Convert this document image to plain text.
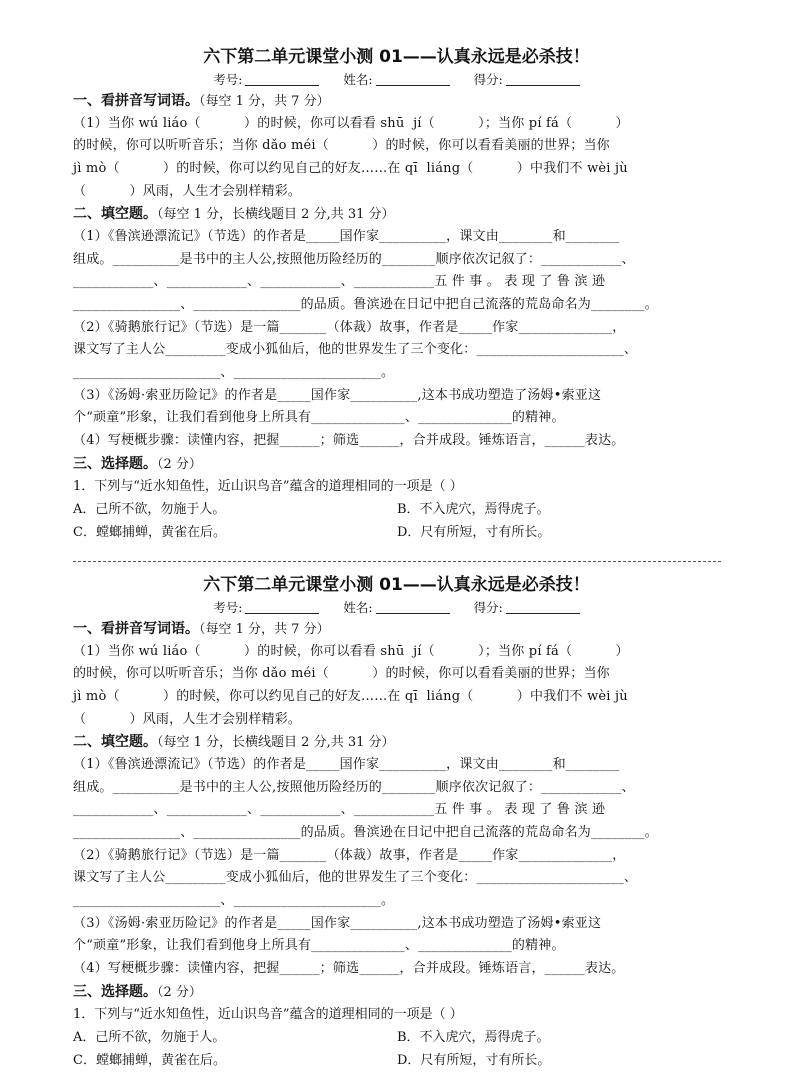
六下第二单元课堂小测 01——认真永远是必杀技！
考号:	姓名:	得分:
一、看拼音写词语。（每空 1 分，共 7 分）
（1）当你 wú liáo（          ）的时候，你可以看看 shū  jí（          ）；当你 pí fá（          ）
的时候，你可以听听音乐；当你 dǎo méi（          ）的时候，你可以看看美丽的世界；当你
jì mò（          ）的时候，你可以约见自己的好友……在 qī  liáng（          ）中我们不 wèi jù
（          ）风雨，人生才会别样精彩。
二、填空题。（每空 1 分，长横线题目 2 分,共 31 分）
（1）《鲁滨逊漂流记》（节选）的作者是_____国作家__________，课文由________和________
组成。__________是书中的主人公,按照他历险经历的________顺序依次记叙了：____________、
____________、____________、____________、____________五 件 事 。 表 现 了 鲁 滨 逊
________________、________________的品质。鲁滨逊在日记中把自己流落的荒岛命名为________。
（2）《骑鹅旅行记》（节选）是一篇_______（体裁）故事，作者是_____作家______________，
课文写了主人公_________变成小狐仙后，他的世界发生了三个变化：______________________、
______________________、______________________。
（3）《汤姆·索亚历险记》的作者是_____国作家__________,这本书成功塑造了汤姆•索亚这
个“顽童”形象，让我们看到他身上所具有______________、______________的精神。
（4）写梗概步骤：读懂内容，把握______；筛选______，合并成段。锤炼语言，______表达。
三、选择题。（2 分）
1．下列与“近水知鱼性，近山识鸟音”蕴含的道理相同的一项是（ ）
A．己所不欲，勿施于人。	B．不入虎穴，焉得虎子。
C．螳螂捕蝉，黄雀在后。	D．尺有所短，寸有所长。
六下第二单元课堂小测 01——认真永远是必杀技！
考号:	姓名:	得分:
一、看拼音写词语。（每空 1 分，共 7 分）
（1）当你 wú liáo（          ）的时候，你可以看看 shū  jí（          ）；当你 pí fá（          ）
的时候，你可以听听音乐；当你 dǎo méi（          ）的时候，你可以看看美丽的世界；当你
jì mò（          ）的时候，你可以约见自己的好友……在 qī  liáng（          ）中我们不 wèi jù
（          ）风雨，人生才会别样精彩。
二、填空题。（每空 1 分，长横线题目 2 分,共 31 分）
（1）《鲁滨逊漂流记》（节选）的作者是_____国作家__________，课文由________和________
组成。__________是书中的主人公,按照他历险经历的________顺序依次记叙了：____________、
____________、____________、____________、____________五 件 事 。 表 现 了 鲁 滨 逊
________________、________________的品质。鲁滨逊在日记中把自己流落的荒岛命名为________。
（2）《骑鹅旅行记》（节选）是一篇_______（体裁）故事，作者是_____作家______________，
课文写了主人公_________变成小狐仙后，他的世界发生了三个变化：______________________、
______________________、______________________。
（3）《汤姆·索亚历险记》的作者是_____国作家__________,这本书成功塑造了汤姆•索亚这
个“顽童”形象，让我们看到他身上所具有______________、______________的精神。
（4）写梗概步骤：读懂内容，把握______；筛选______，合并成段。锤炼语言，______表达。
三、选择题。（2 分）
1．下列与“近水知鱼性，近山识鸟音”蕴含的道理相同的一项是（ ）
A．己所不欲，勿施于人。	B．不入虎穴，焉得虎子。
C．螳螂捕蝉，黄雀在后。	D．尺有所短，寸有所长。
